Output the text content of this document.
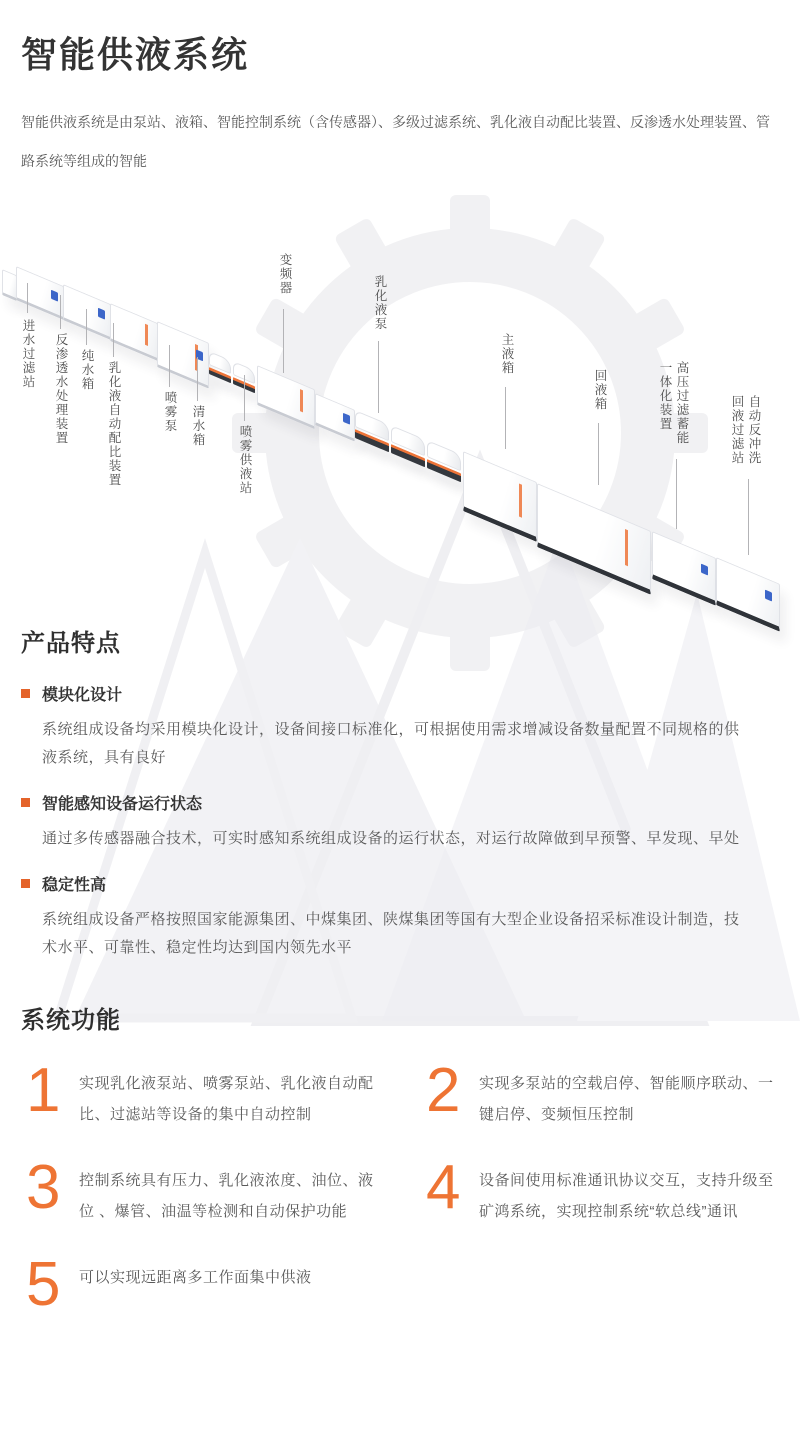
智能供液系统

智能供液系统是由泵站、液箱、智能控制系统（含传感器）、多级过滤系统、乳化液自动配比装置、反渗透水处理装置、管路系统等组成的智能

进水过滤站 反渗透水处理装置 纯水箱 乳化液自动配比装置	喷雾泵 清水箱	喷雾供液站
变频器
乳化液泵
主液箱
回液箱	高压过滤蓄能一体化装置	自动反冲洗回液过滤站
产品特点
模块化设计

系统组成设备均采用模块化设计，设备间接口标准化，可根据使用需求增减设备数量配置不同规格的供液系统，具有良好

智能感知设备运行状态

通过多传感器融合技术，可实时感知系统组成设备的运行状态，对运行故障做到早预警、早发现、早处

稳定性高

系统组成设备严格按照国家能源集团、中煤集团、陕煤集团等国有大型企业设备招采标准设计制造，技术水平、可靠性、稳定性均达到国内领先水平

系统功能
1 实现乳化液泵站、喷雾泵站、乳化液自动配比、过滤站等设备的集中自动控制	2 实现多泵站的空载启停、智能顺序联动、一键启停、变频恒压控制
3 控制系统具有压力、乳化液浓度、油位、液位 、爆管、油温等检测和自动保护功能	4 设备间使用标准通讯协议交互，支持升级至矿鸿系统，实现控制系统“软总线”通讯
5 可以实现远距离多工作面集中供液
